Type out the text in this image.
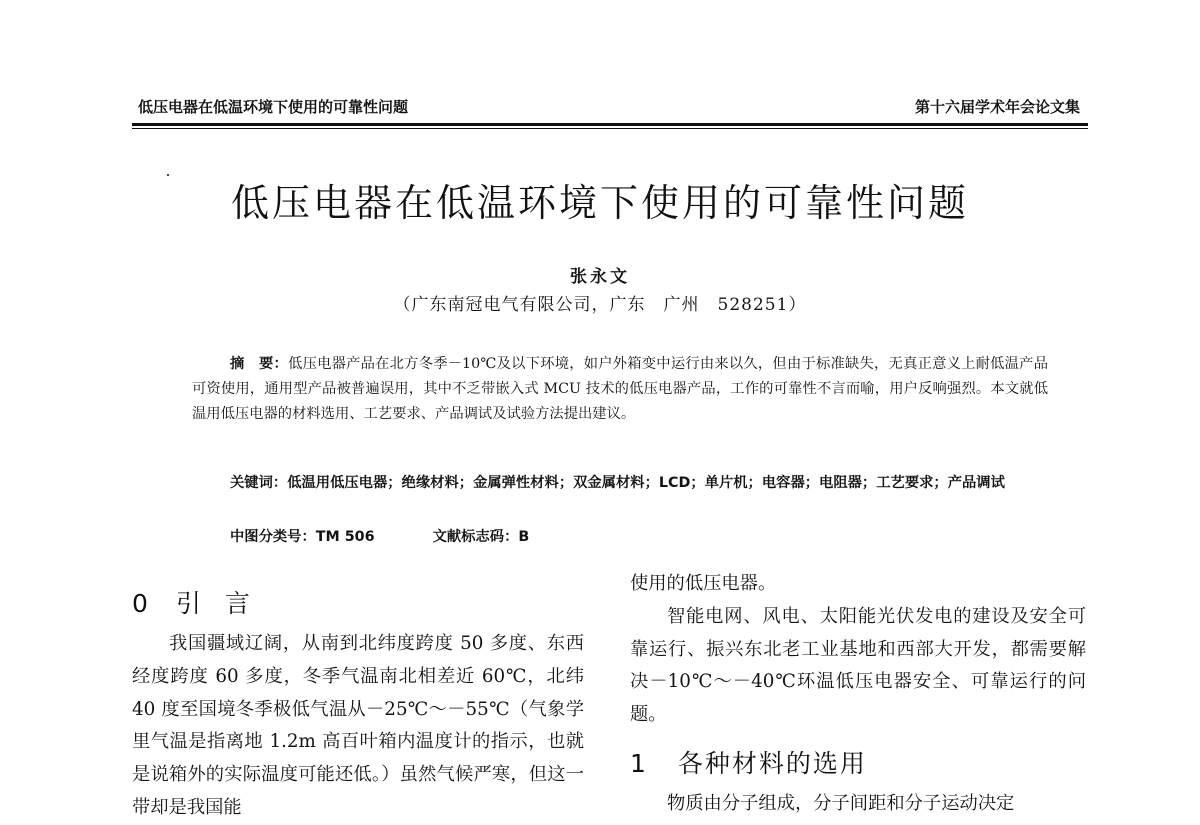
低压电器在低温环境下使用的可靠性问题	第十六届学术年会论文集
低压电器在低温环境下使用的可靠性问题
张永文
（广东南冠电气有限公司，广东　广州　528251）
摘　要：低压电器产品在北方冬季－10℃及以下环境，如户外箱变中运行由来以久，但由于标准缺失，无真正意义上耐低温产品可资使用，通用型产品被普遍误用，其中不乏带嵌入式 MCU 技术的低压电器产品，工作的可靠性不言而喻，用户反响强烈。本文就低温用低压电器的材料选用、工艺要求、产品调试及试验方法提出建议。
关键词：低温用低压电器；绝缘材料；金属弹性材料；双金属材料；LCD；单片机；电容器；电阻器；工艺要求；产品调试
中图分类号：TM 506	文献标志码：B
0 引言

我国疆域辽阔，从南到北纬度跨度 50 多度、东西经度跨度 60 多度，冬季气温南北相差近 60℃，北纬 40 度至国境冬季极低气温从－25℃～－55℃（气象学里气温是指离地 1.2m 高百叶箱内温度计的指示，也就是说箱外的实际温度可能还低。）虽然气候严寒，但这一带却是我国能

使用的低压电器。

智能电网、风电、太阳能光伏发电的建设及安全可靠运行、振兴东北老工业基地和西部大开发，都需要解决－10℃～－40℃环温低压电器安全、可靠运行的问题。

1 各种材料的选用

物质由分子组成，分子间距和分子运动决定
